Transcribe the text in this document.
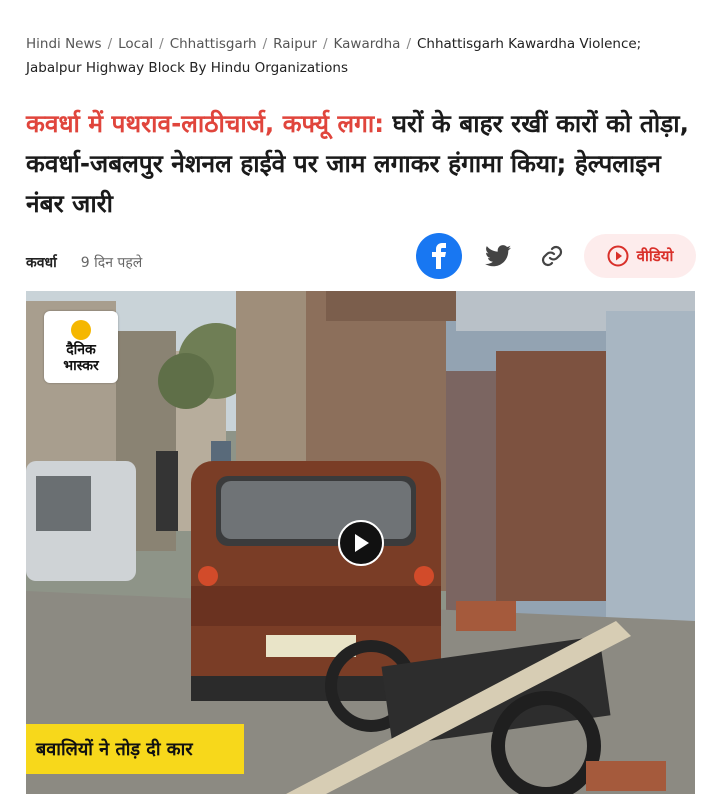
Hindi News / Local / Chhattisgarh / Raipur / Kawardha / Chhattisgarh Kawardha Violence; Jabalpur Highway Block By Hindu Organizations
कवर्धा में पथराव-लाठीचार्ज, कर्फ्यू लगा: घरों के बाहर रखीं कारों को तोड़ा, कवर्धा-जबलपुर नेशनल हाईवे पर जाम लगाकर हंगामा किया; हेल्पलाइन नंबर जारी
कवर्धा 9 दिन पहले	वीडियो
दैनिक
भास्कर
बवालियों ने तोड़ दी कार
